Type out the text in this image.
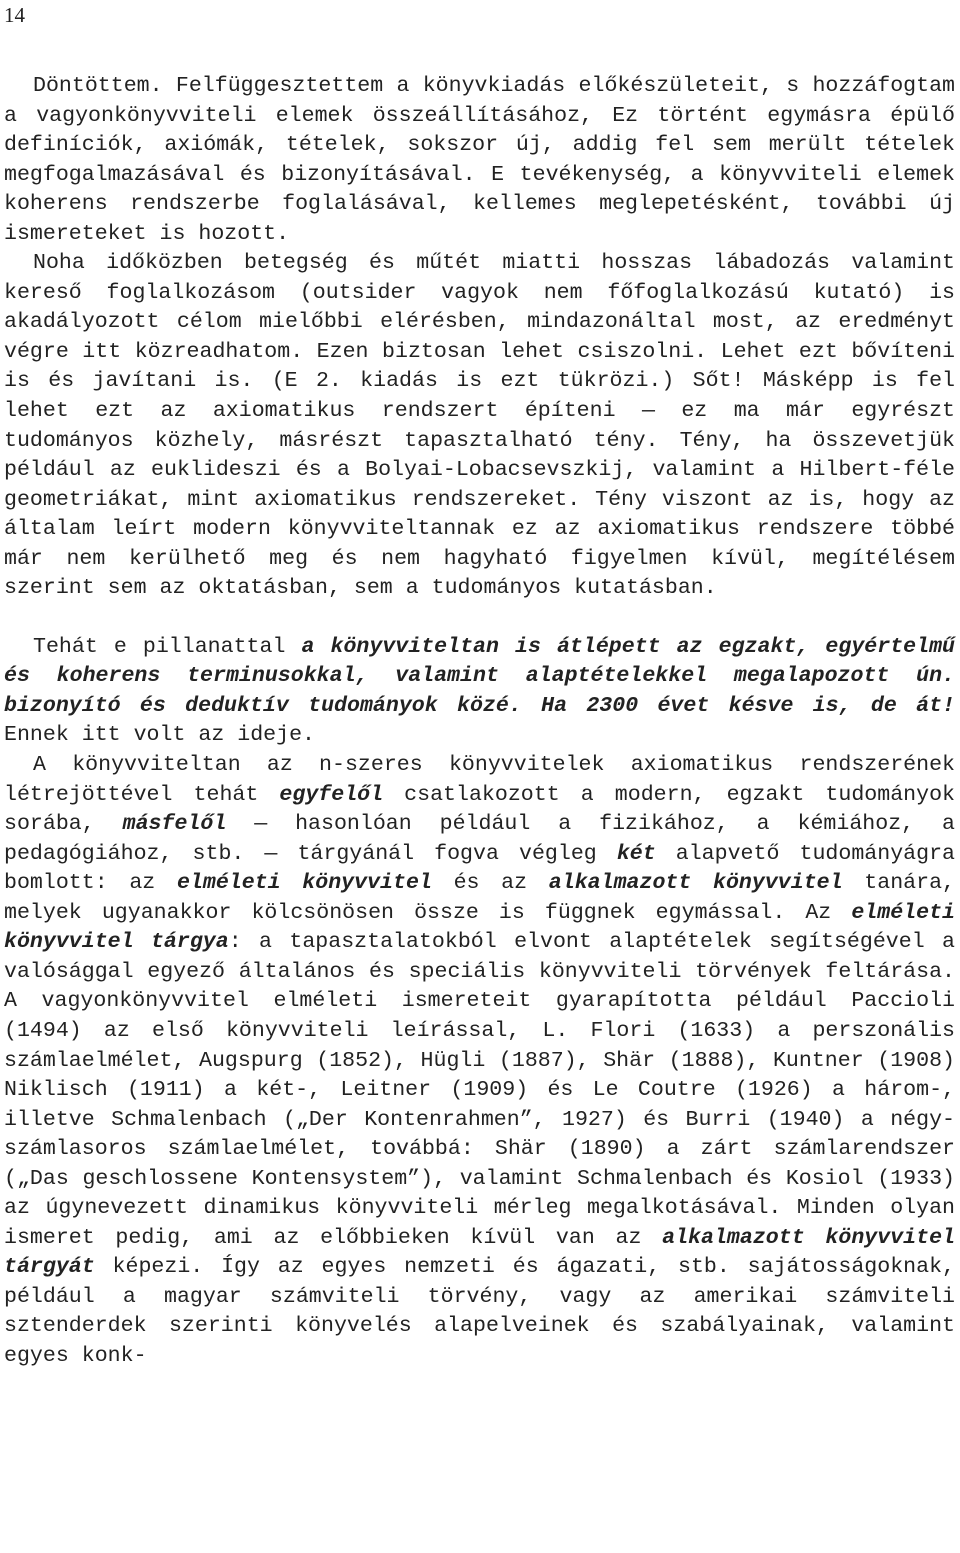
14

Döntöttem. Felfüggesztettem a könyvkiadás előkészületeit, s hozzáfogtam a vagyonkönyvviteli elemek összeállításához, Ez történt egymásra épülő definíciók, axiómák, tételek, sokszor új, addig fel sem merült tételek megfogalmazásával és bizonyításával. E tevékenység, a könyvviteli elemek koherens rendszerbe foglalásával, kellemes meglepetésként, további új ismereteket is hozott.

Noha időközben betegség és műtét miatti hosszas lábadozás valamint kereső foglalkozásom (outsider vagyok nem főfoglalkozású kutató) is akadályozott célom mielőbbi elérésben, mindazonáltal most, az eredményt végre itt közreadhatom. Ezen biztosan lehet csiszolni. Lehet ezt bővíteni is és javítani is. (E 2. kiadás is ezt tükrözi.) Sőt! Másképp is fel lehet ezt az axiomatikus rendszert építeni — ez ma már egyrészt tudományos közhely, másrészt tapasztalható tény. Tény, ha összevetjük például az euklideszi és a Bolyai-Lobacsevszkij, valamint a Hilbert-féle geometriákat, mint axiomatikus rendszereket. Tény viszont az is, hogy az általam leírt modern könyvviteltannak ez az axiomatikus rendszere többé már nem kerülhető meg és nem hagyható figyelmen kívül, megítélésem szerint sem az oktatásban, sem a tudományos kutatásban.

Tehát e pillanattal a könyvviteltan is átlépett az egzakt, egyértelmű és koherens terminusokkal, valamint alaptételekkel megalapozott ún. bizonyító és deduktív tudományok közé. Ha 2300 évet késve is, de át! Ennek itt volt az ideje.

A könyvviteltan az n-szeres könyvvitelek axiomatikus rendszerének létrejöttével tehát egyfelől csatlakozott a modern, egzakt tudományok sorába, másfelől — hasonlóan például a fizikához, a kémiához, a pedagógiához, stb. — tárgyánál fogva végleg két alapvető tudományágra bomlott: az elméleti könyvvitel és az alkalmazott könyvvitel tanára, melyek ugyanakkor kölcsönösen össze is függnek egymással. Az elméleti könyvvitel tárgya: a tapasztalatokból elvont alaptételek segítségével a valósággal egyező általános és speciális könyvviteli törvények feltárása. A vagyonkönyvvitel elméleti ismereteit gyarapította például Paccioli (1494) az első könyvviteli leírással, L. Flori (1633) a perszonális számlaelmélet, Augspurg (1852), Hügli (1887), Shär (1888), Kuntner (1908) Niklisch (1911) a két-, Leitner (1909) és Le Coutre (1926) a három-, illetve Schmalenbach („Der Kontenrahmen”, 1927) és Burri (1940) a négy-számlasoros számlaelmélet, továbbá: Shär (1890) a zárt számlarendszer („Das geschlossene Kontensystem”), valamint Schmalenbach és Kosiol (1933) az úgynevezett dinamikus könyvviteli mérleg megalkotásával. Minden olyan ismeret pedig, ami az előbbieken kívül van az alkalmazott könyvvitel tárgyát képezi. Így az egyes nemzeti és ágazati, stb. sajátosságoknak, például a magyar számviteli törvény, vagy az amerikai számviteli sztenderdek szerinti könyvelés alapelveinek és szabályainak, valamint egyes konk-
